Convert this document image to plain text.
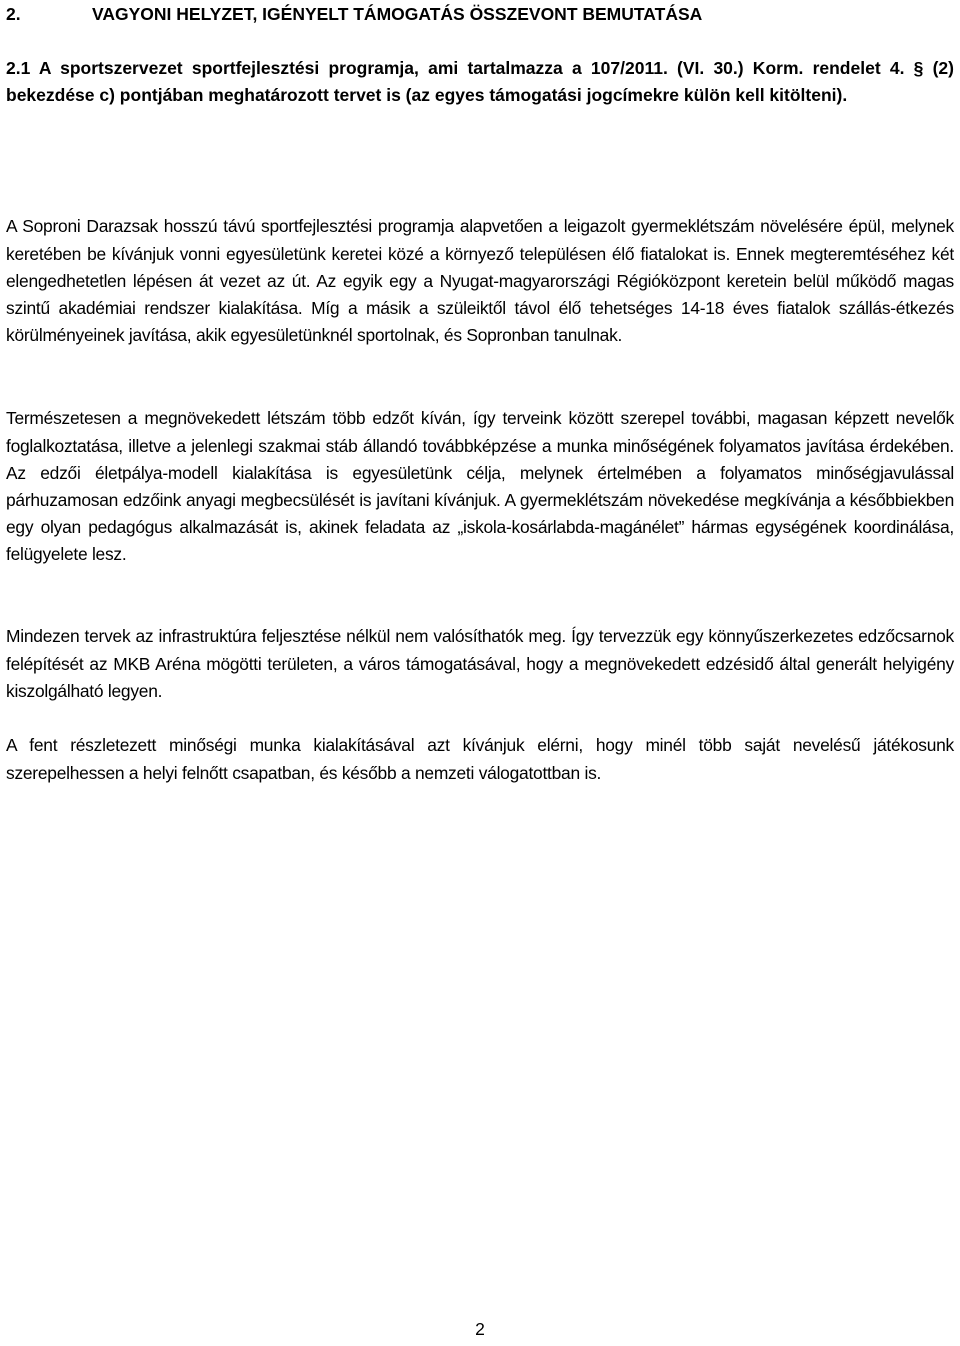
2.	VAGYONI HELYZET, IGÉNYELT TÁMOGATÁS ÖSSZEVONT BEMUTATÁSA
2.1 A sportszervezet sportfejlesztési programja, ami tartalmazza a 107/2011. (VI. 30.) Korm. rendelet 4. § (2) bekezdése c) pontjában meghatározott tervet is (az egyes támogatási jogcímekre külön kell kitölteni).

A Soproni Darazsak hosszú távú sportfejlesztési programja alapvetően a leigazolt gyermeklétszám növelésére épül, melynek keretében be kívánjuk vonni egyesületünk keretei közé a környező településen élő fiatalokat is. Ennek megteremtéséhez két elengedhetetlen lépésen át vezet az út. Az egyik egy a Nyugat-magyarországi Régióközpont keretein belül működő magas szintű akadémiai rendszer kialakítása. Míg a másik a szüleiktől távol élő tehetséges 14-18 éves fiatalok szállás-étkezés körülményeinek javítása, akik egyesületünknél sportolnak, és Sopronban tanulnak.

Természetesen a megnövekedett létszám több edzőt kíván, így terveink között szerepel további, magasan képzett nevelők foglalkoztatása, illetve a jelenlegi szakmai stáb állandó továbbképzése a munka minőségének folyamatos javítása érdekében. Az edzői életpálya-modell kialakítása is egyesületünk célja, melynek értelmében a folyamatos minőségjavulással párhuzamosan edzőink anyagi megbecsülését is javítani kívánjuk. A gyermeklétszám növekedése megkívánja a későbbiekben egy olyan pedagógus alkalmazását is, akinek feladata az „iskola-kosárlabda-magánélet” hármas egységének koordinálása, felügyelete lesz.

Mindezen tervek az infrastruktúra feljesztése nélkül nem valósíthatók meg. Így tervezzük egy könnyűszerkezetes edzőcsarnok felépítését az MKB Aréna mögötti területen, a város támogatásával, hogy a megnövekedett edzésidő által generált helyigény kiszolgálható legyen.

A fent részletezett minőségi munka kialakításával azt kívánjuk elérni, hogy minél több saját nevelésű játékosunk szerepelhessen a helyi felnőtt csapatban, és később a nemzeti válogatottban is.

2
